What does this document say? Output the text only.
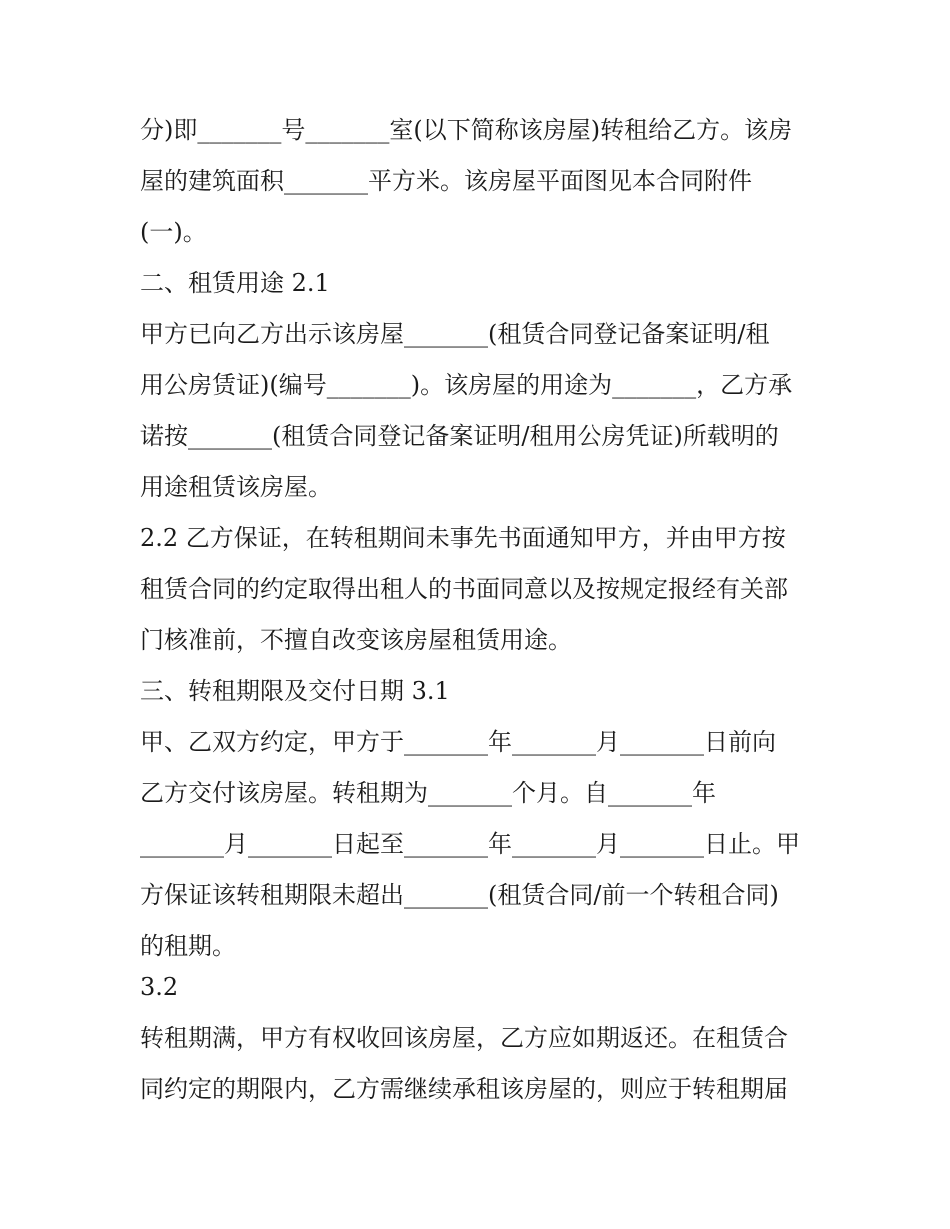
分)即_______号_______室(以下简称该房屋)转租给乙方。该房
屋的建筑面积_______平方米。该房屋平面图见本合同附件
(一)。
二、租赁用途 2.1
甲方已向乙方出示该房屋_______(租赁合同登记备案证明/租
用公房赁证)(编号_______)。该房屋的用途为_______，乙方承
诺按_______(租赁合同登记备案证明/租用公房凭证)所载明的
用途租赁该房屋。
2.2 乙方保证，在转租期间未事先书面通知甲方，并由甲方按
租赁合同的约定取得出租人的书面同意以及按规定报经有关部
门核准前，不擅自改变该房屋租赁用途。
三、转租期限及交付日期 3.1
甲、乙双方约定，甲方于_______年_______月_______日前向
乙方交付该房屋。转租期为_______个月。自_______年
_______月_______日起至_______年_______月_______日止。甲
方保证该转租期限未超出_______(租赁合同/前一个转租合同)
的租期。
3.2
转租期满，甲方有权收回该房屋，乙方应如期返还。在租赁合
同约定的期限内，乙方需继续承租该房屋的，则应于转租期届
